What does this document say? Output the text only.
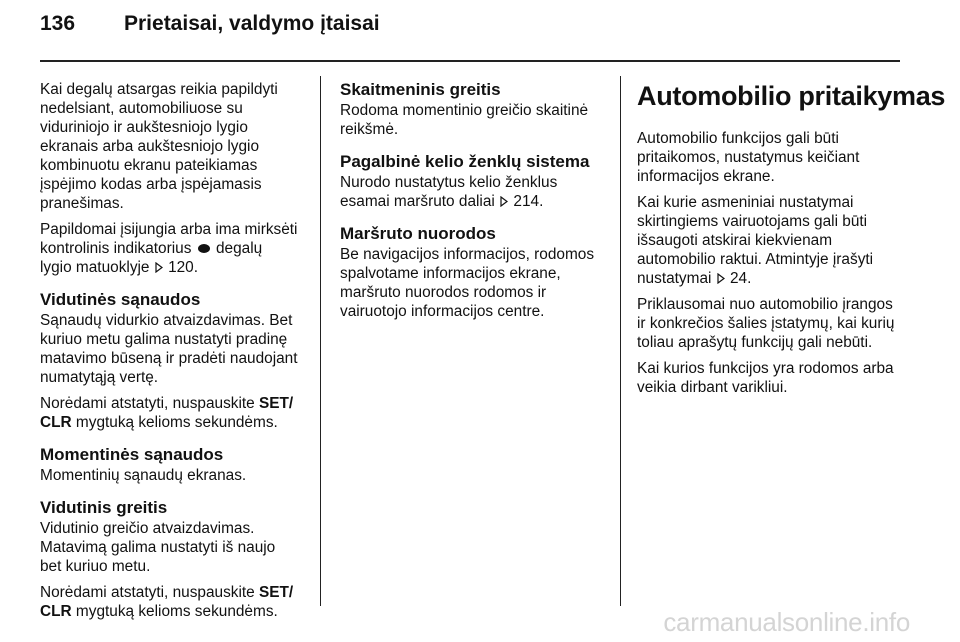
136 Prietaisai, valdymo įtaisai

Kai degalų atsargas reikia papildyti
nedelsiant, automobiliuose su
viduriniojo ir aukštesniojo lygio
ekranais arba aukštesniojo lygio
kombinuotu ekranu pateikiamas
įspėjimo kodas arba įspėjamasis
pranešimas.

Papildomai įsijungia arba ima mirksėti
kontrolinis indikatorius degalų
lygio matuoklyje 120.

Vidutinės sąnaudos

Sąnaudų vidurkio atvaizdavimas. Bet
kuriuo metu galima nustatyti pradinę
matavimo būseną ir pradėti naudojant
numatytąją vertę.

Norėdami atstatyti, nuspauskite SET/
CLR mygtuką kelioms sekundėms.

Momentinės sąnaudos

Momentinių sąnaudų ekranas.

Vidutinis greitis

Vidutinio greičio atvaizdavimas.
Matavimą galima nustatyti iš naujo
bet kuriuo metu.

Norėdami atstatyti, nuspauskite SET/
CLR mygtuką kelioms sekundėms.

Skaitmeninis greitis

Rodoma momentinio greičio skaitinė
reikšmė.

Pagalbinė kelio ženklų sistema

Nurodo nustatytus kelio ženklus
esamai maršruto daliai 214.

Maršruto nuorodos

Be navigacijos informacijos, rodomos
spalvotame informacijos ekrane,
maršruto nuorodos rodomos ir
vairuotojo informacijos centre.

Automobilio pritaikymas

Automobilio funkcijos gali būti
pritaikomos, nustatymus keičiant
informacijos ekrane.

Kai kurie asmeniniai nustatymai
skirtingiems vairuotojams gali būti
išsaugoti atskirai kiekvienam
automobilio raktui. Atmintyje įrašyti
nustatymai 24.

Priklausomai nuo automobilio įrangos
ir konkrečios šalies įstatymų, kai kurių
toliau aprašytų funkcijų gali nebūti.

Kai kurios funkcijos yra rodomos arba
veikia dirbant varikliui.

carmanualsonline.info
